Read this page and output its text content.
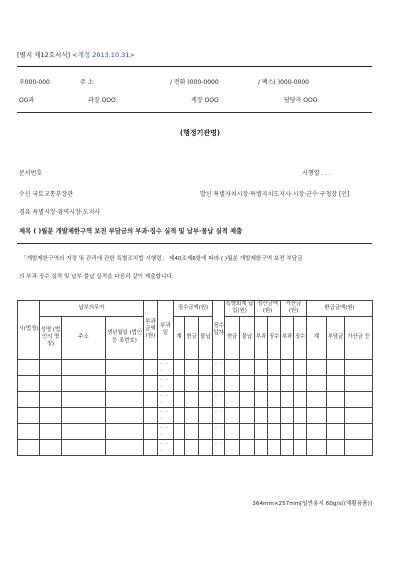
[별지 제12호서식] <개정 2013.10.31>
우000-000	주 소	/ 전화 )000-0000	/ 팩스( )000-0000
OO과	과장 OOO	계장 OOO	담당자 OOO
(행정기관명)
문서번호	시행일 . . .
수신 국토교통부장관	발신 특별자치시장·특별자치도지사·시장·군수·구청장 [인]
경유 특별시장·광역시장·도지사
제목 ( )월분 개발제한구역 보전 부담금의 부과·징수 실적 및 납부·물납 실적 제출
「개발제한구역의 지정 및 관리에 관한 특별조치법 시행령」 제40조제6항에 따라 ( )월분 개발제한구역 보전 부담금
의 부과·징수 실적 및 납부·물납 실적을 다음과 같이 제출합니다.
시(법정)	납부의무자			부과 금액 (원)	부과일	징수금액(원)			징수일자	특별회계 납입(원)		정산금액 (원)		가산금 (원)		환급금액(원)		

	성명 (법인의 명칭)	주소	생년월일 (법인 등 록번호)			계	현금	물납		현금	물납	부과	징수	부과	징수	계	부담금	가산금 등
					. . .				. . .									
					. . .				. . .									
					. . .				. . .									
					. . .				. . .									
					. . .				. . .									
					. . .				. . .									
364mm×257mm[일반용지 60g/㎡(재활용품)]
